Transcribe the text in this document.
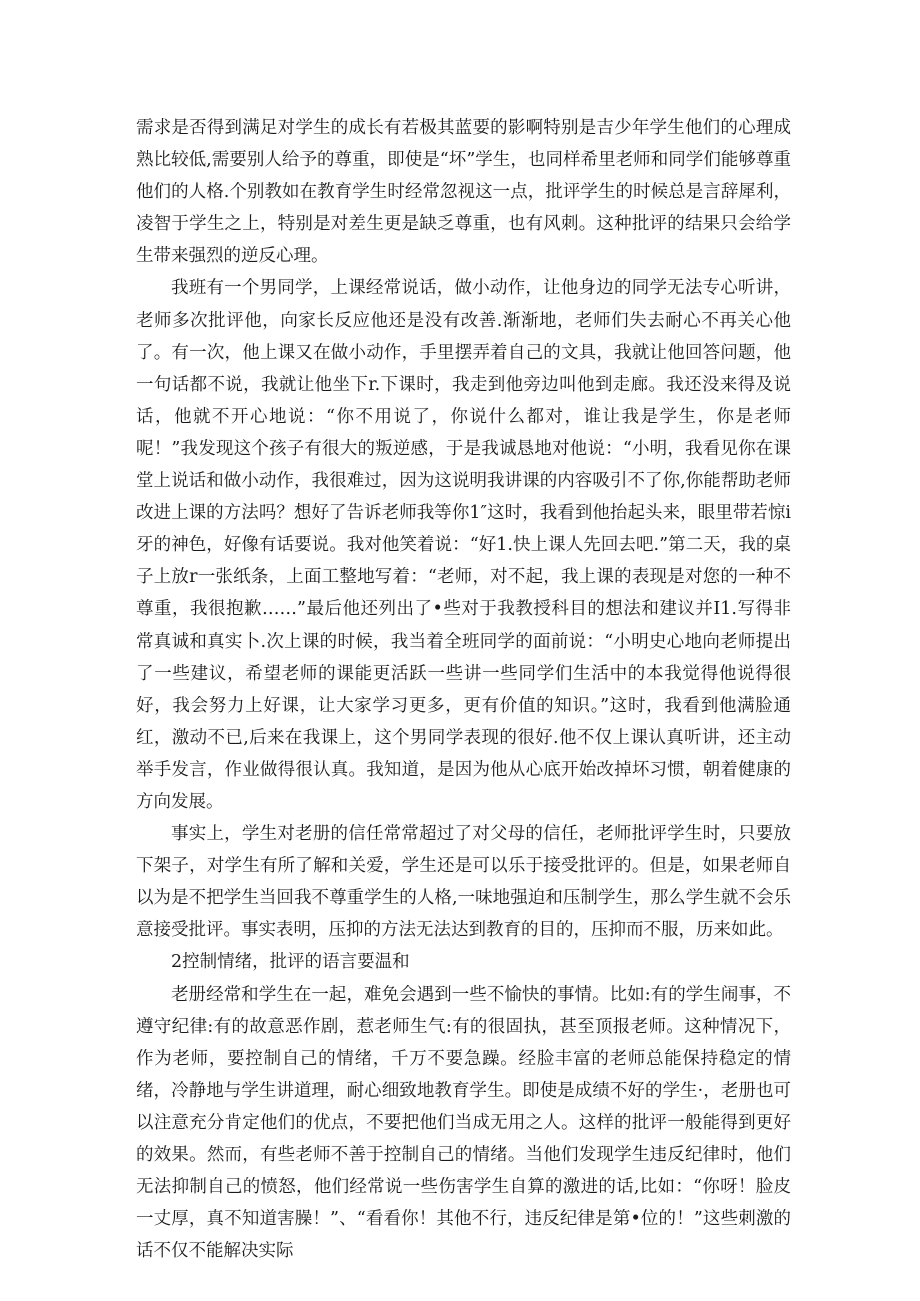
需求是否得到满足对学生的成长有若极其蓝要的影啊特别是吉少年学生他们的心理成熟比较低,需要别人给予的尊重，即使是“坏”学生，也同样希里老师和同学们能够尊重他们的人格.个别教如在教育学生时经常忽视这一点，批评学生的时候总是言辞犀利，凌智于学生之上，特别是对差生更是缺乏尊重，也有风刺。这种批评的结果只会给学生带来强烈的逆反心理。

我班有一个男同学，上课经常说话，做小动作，让他身边的同学无法专心听讲，老师多次批评他，向家长反应他还是没有改善.渐渐地，老师们失去耐心不再关心他了。有一次，他上课又在做小动作，手里摆弄着自己的文具，我就让他回答问题，他一句话都不说，我就让他坐下r.下课时，我走到他旁边叫他到走廊。我还没来得及说话，他就不开心地说：“你不用说了，你说什么都对，谁让我是学生，你是老师呢！”我发现这个孩子有很大的叛逆感，于是我诚恳地对他说：“小明，我看见你在课堂上说话和做小动作，我很难过，因为这说明我讲课的内容吸引不了你,你能帮助老师改进上课的方法吗？想好了告诉老师我等你1″这时，我看到他抬起头来，眼里带若惊i牙的神色，好像有话要说。我对他笑着说：“好1.快上课人先回去吧.”第二天，我的桌子上放r一张纸条，上面工整地写着：“老师，对不起，我上课的表现是对您的一种不尊重，我很抱歉……”最后他还列出了•些对于我教授科目的想法和建议并I1.写得非常真诚和真实卜.次上课的时候，我当着全班同学的面前说：“小明史心地向老师提出了一些建议，希望老师的课能更活跃一些讲一些同学们生活中的本我觉得他说得很好，我会努力上好课，让大家学习更多，更有价值的知识。”这时，我看到他满脸通红，激动不已,后来在我课上，这个男同学表现的很好.他不仅上课认真听讲，还主动举手发言，作业做得很认真。我知道，是因为他从心底开始改掉坏习惯，朝着健康的方向发展。

事实上，学生对老册的信任常常超过了对父母的信任，老师批评学生时，只要放下架子，对学生有所了解和关爱，学生还是可以乐于接受批评的。但是，如果老师自以为是不把学生当回我不尊重学生的人格,一味地强迫和压制学生，那么学生就不会乐意接受批评。事实表明，压抑的方法无法达到教育的目的，压抑而不服，历来如此。

2控制情绪，批评的语言要温和

老册经常和学生在一起，难免会遇到一些不愉快的事情。比如:有的学生闹事，不遵守纪律:有的故意恶作剧，惹老师生气:有的很固执，甚至顶报老师。这种情况下，作为老师，要控制自己的情绪，千万不要急躁。经脸丰富的老师总能保持稳定的情绪，冷静地与学生讲道理，耐心细致地教育学生。即使是成绩不好的学生·，老册也可以注意充分肯定他们的优点，不要把他们当成无用之人。这样的批评一般能得到更好的效果。然而，有些老师不善于控制自己的情绪。当他们发现学生违反纪律时，他们无法抑制自己的愤怒，他们经常说一些伤害学生自算的激进的话,比如：“你呀！脸皮一丈厚，真不知道害臊！”、“看看你！其他不行，违反纪律是第•位的！”这些刺激的话不仅不能解决实际
